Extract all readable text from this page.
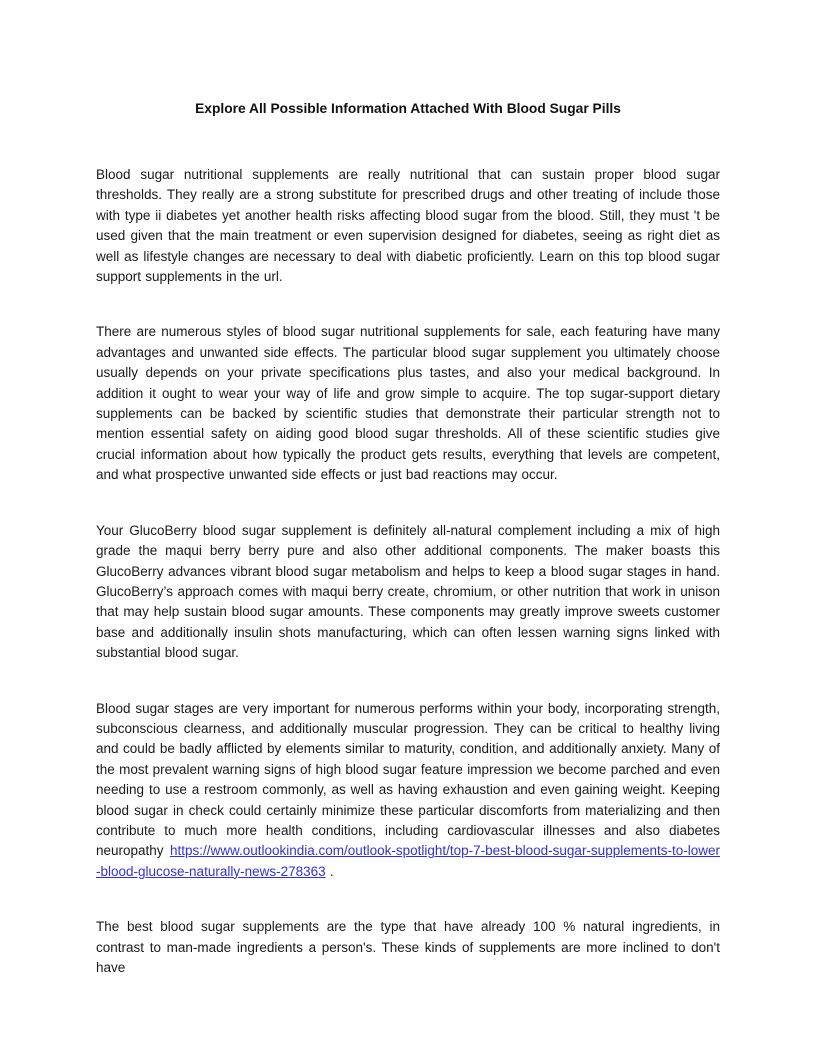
Explore All Possible Information Attached With Blood Sugar Pills

Blood sugar nutritional supplements are really nutritional that can sustain proper blood sugar thresholds. They really are a strong substitute for prescribed drugs and other treating of include those with type ii diabetes yet another health risks affecting blood sugar from the blood. Still, they must 't be used given that the main treatment or even supervision designed for diabetes, seeing as right diet as well as lifestyle changes are necessary to deal with diabetic proficiently. Learn on this top blood sugar support supplements in the url.

There are numerous styles of blood sugar nutritional supplements for sale, each featuring have many advantages and unwanted side effects. The particular blood sugar supplement you ultimately choose usually depends on your private specifications plus tastes, and also your medical background. In addition it ought to wear your way of life and grow simple to acquire. The top sugar-support dietary supplements can be backed by scientific studies that demonstrate their particular strength not to mention essential safety on aiding good blood sugar thresholds. All of these scientific studies give crucial information about how typically the product gets results, everything that levels are competent, and what prospective unwanted side effects or just bad reactions may occur.

Your GlucoBerry blood sugar supplement is definitely all-natural complement including a mix of high grade the maqui berry berry pure and also other additional components. The maker boasts this GlucoBerry advances vibrant blood sugar metabolism and helps to keep a blood sugar stages in hand. GlucoBerry’s approach comes with maqui berry create, chromium, or other nutrition that work in unison that may help sustain blood sugar amounts. These components may greatly improve sweets customer base and additionally insulin shots manufacturing, which can often lessen warning signs linked with substantial blood sugar.

Blood sugar stages are very important for numerous performs within your body, incorporating strength, subconscious clearness, and additionally muscular progression. They can be critical to healthy living and could be badly afflicted by elements similar to maturity, condition, and additionally anxiety. Many of the most prevalent warning signs of high blood sugar feature impression we become parched and even needing to use a restroom commonly, as well as having exhaustion and even gaining weight. Keeping blood sugar in check could certainly minimize these particular discomforts from materializing and then contribute to much more health conditions, including cardiovascular illnesses and also diabetes neuropathy https://www.outlookindia.com/outlook-spotlight/top-7-best-blood-sugar-supplements-to-lower-blood-glucose-naturally-news-278363 .

The best blood sugar supplements are the type that have already 100 % natural ingredients, in contrast to man-made ingredients a person's. These kinds of supplements are more inclined to don't have
